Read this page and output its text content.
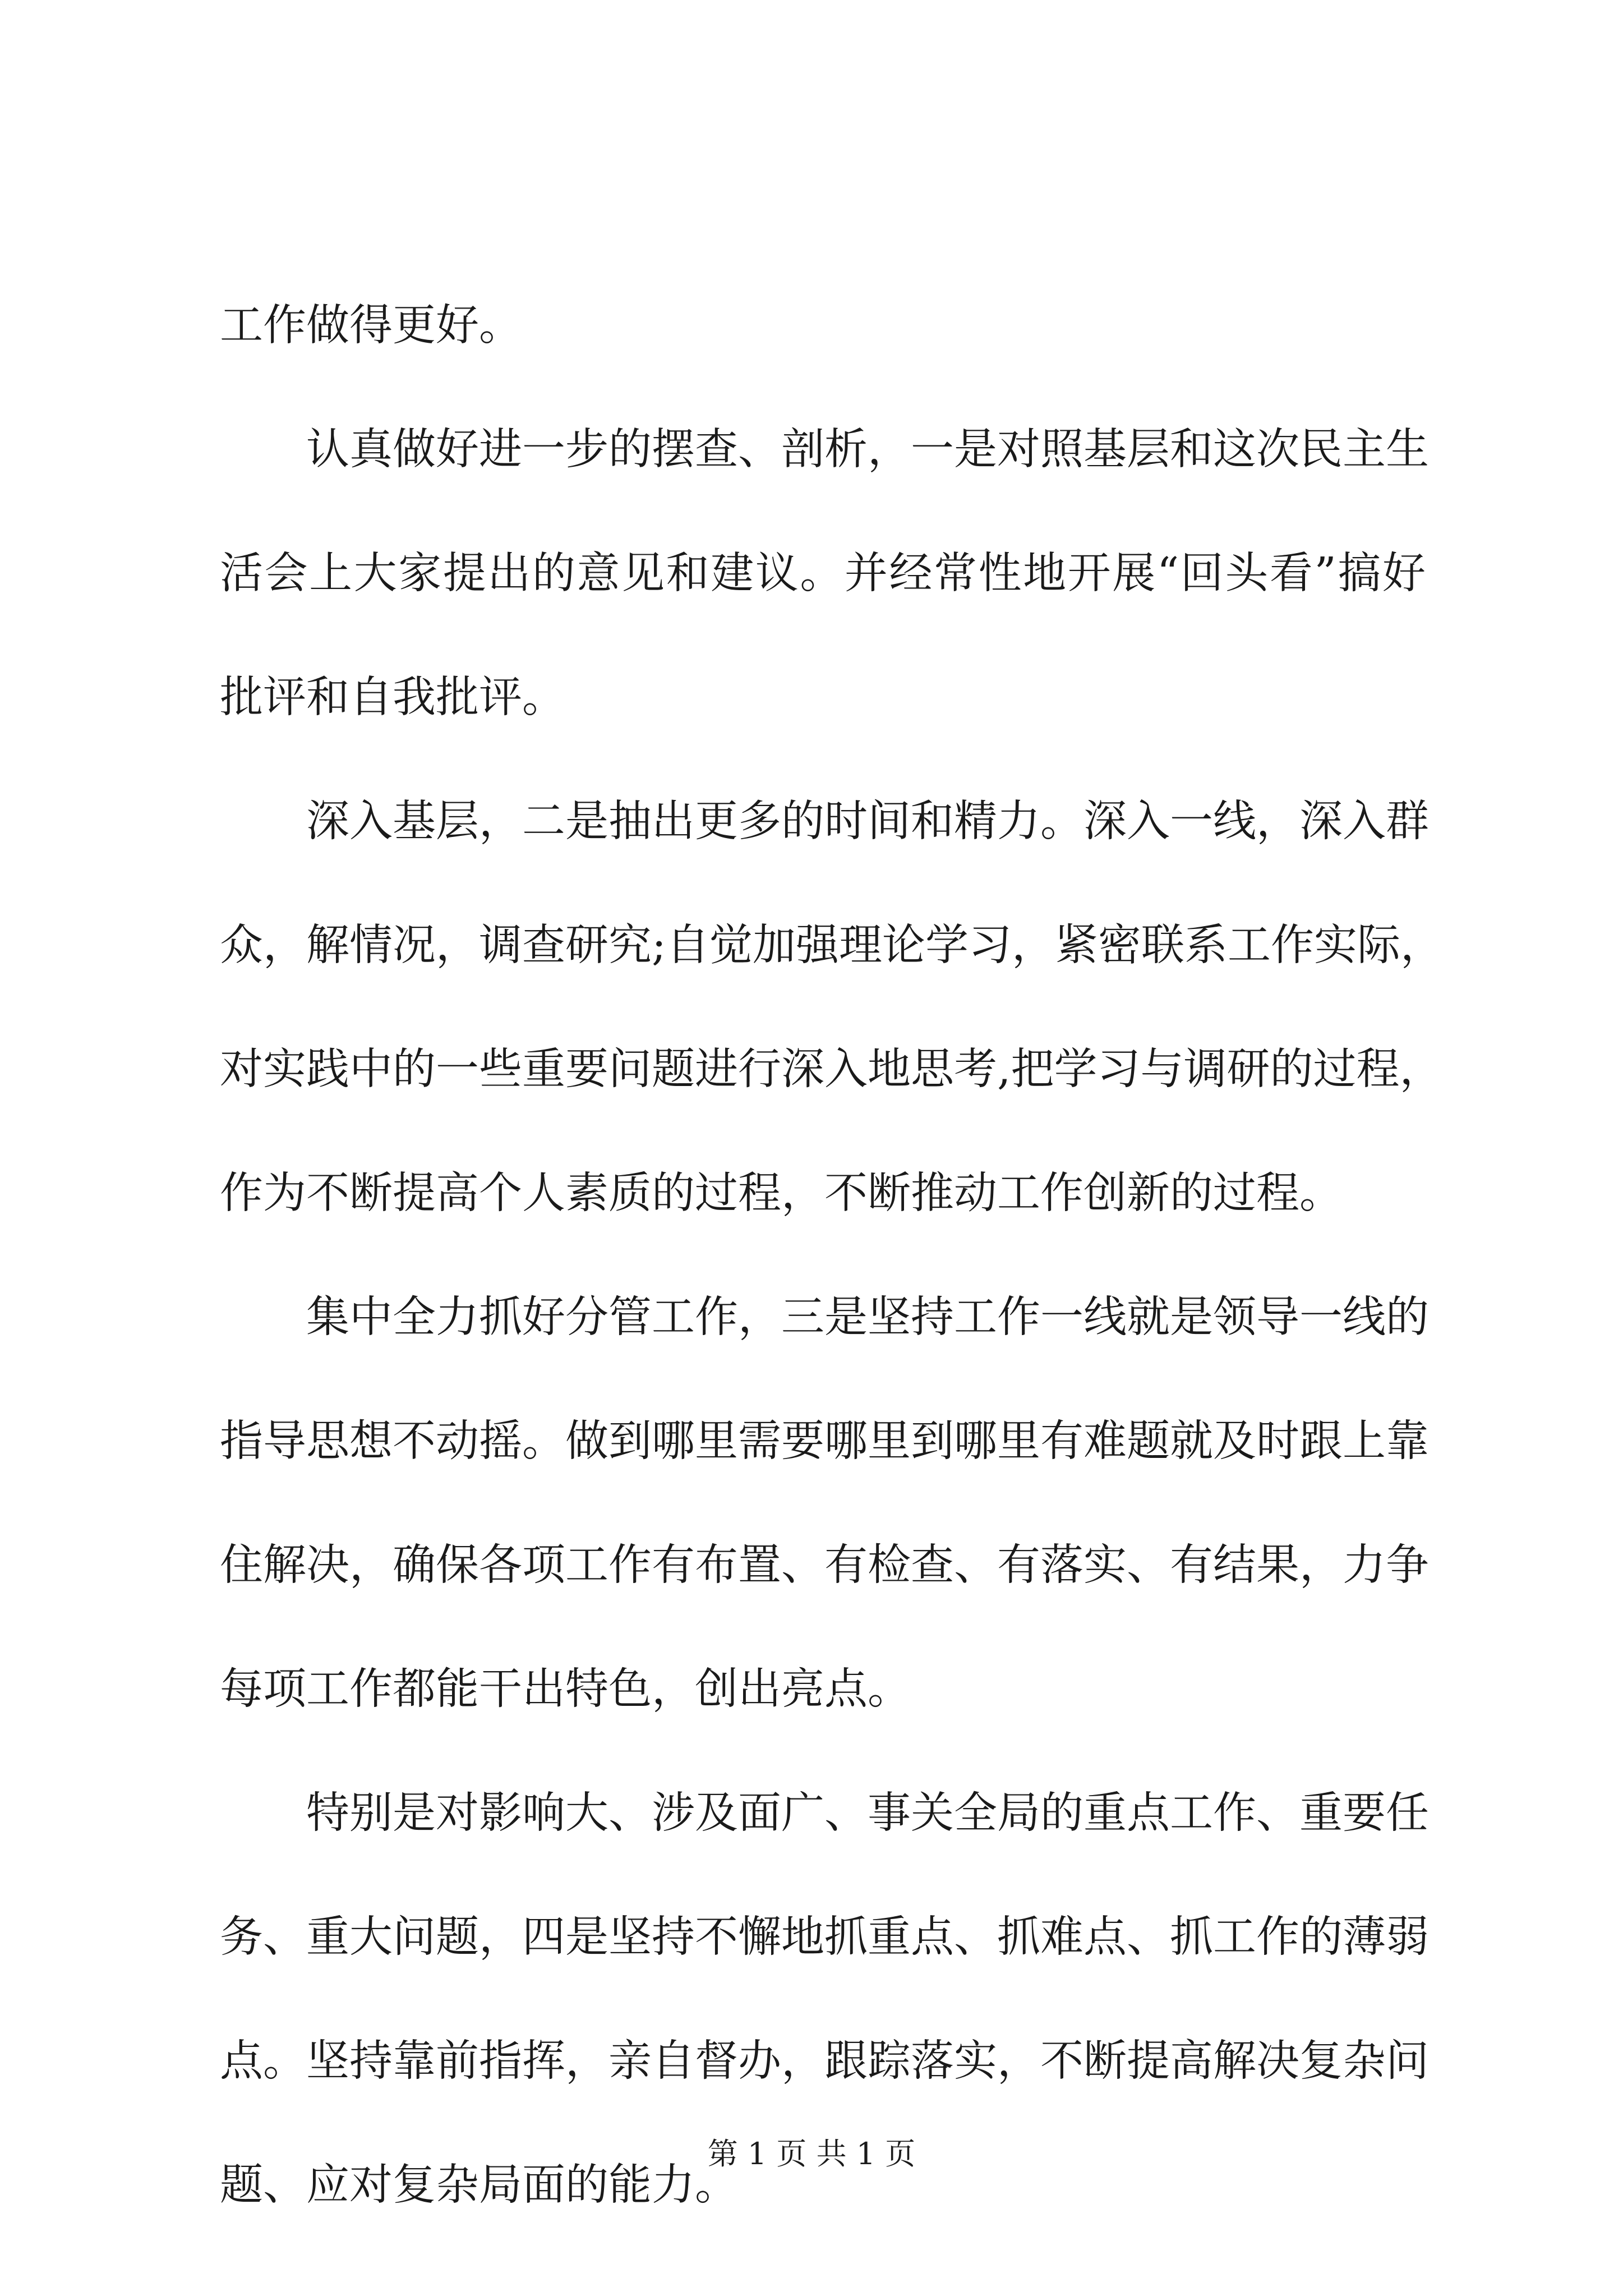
工作做得更好。
认真做好进一步的摆查、剖析，一是对照基层和这次民主生
活会上大家提出的意见和建议。并经常性地开展“回头看”搞好
批评和自我批评。
深入基层，二是抽出更多的时间和精力。深入一线，深入群
众，解情况，调查研究;自觉加强理论学习，紧密联系工作实际，
对实践中的一些重要问题进行深入地思考,把学习与调研的过程，
作为不断提高个人素质的过程，不断推动工作创新的过程。
集中全力抓好分管工作，三是坚持工作一线就是领导一线的
指导思想不动摇。做到哪里需要哪里到哪里有难题就及时跟上靠
住解决，确保各项工作有布置、有检查、有落实、有结果，力争
每项工作都能干出特色，创出亮点。
特别是对影响大、涉及面广、事关全局的重点工作、重要任
务、重大问题，四是坚持不懈地抓重点、抓难点、抓工作的薄弱
点。坚持靠前指挥，亲自督办，跟踪落实，不断提高解决复杂问
题、应对复杂局面的能力。
第 1 页 共 1 页
